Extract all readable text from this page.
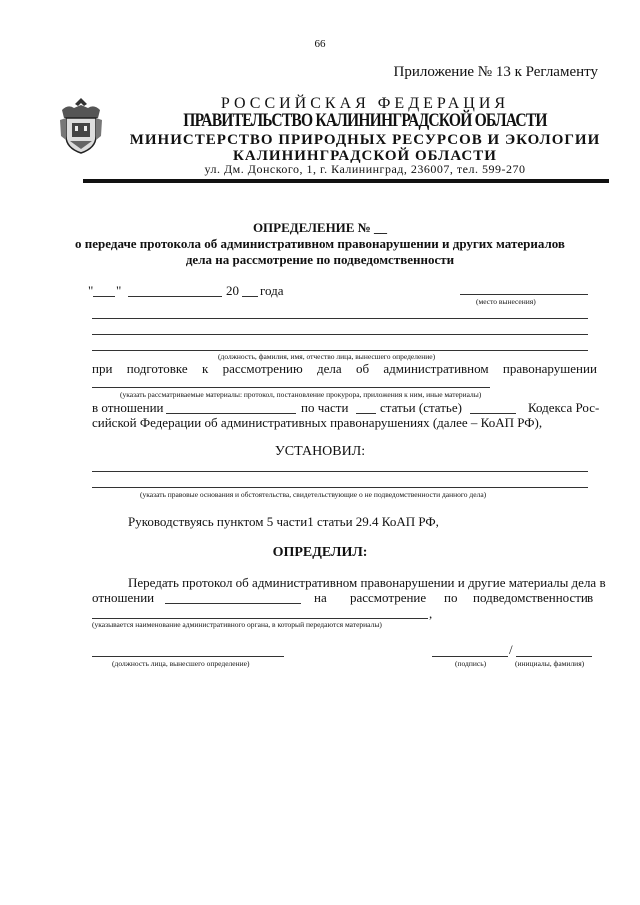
66
Приложение № 13 к Регламенту
РОССИЙСКАЯ ФЕДЕРАЦИЯ
ПРАВИТЕЛЬСТВО КАЛИНИНГРАДСКОЙ ОБЛАСТИ
МИНИСТЕРСТВО ПРИРОДНЫХ РЕСУРСОВ И ЭКОЛОГИИ
КАЛИНИНГРАДСКОЙ ОБЛАСТИ
ул. Дм. Донского, 1, г. Калининград, 236007, тел. 599-270
ОПРЕДЕЛЕНИЕ № __
о передаче протокола об административном правонарушении и других материалов
дела на рассмотрение по подведомственности
" "	20 года
(место вынесения)
(должность, фамилия, имя, отчество лица, вынесшего определение)
при подготовке к рассмотрению дела об административном правонарушении
(указать рассматриваемые материалы: протокол, постановление прокурора, приложения к ним, иные материалы)
в отношении	по части статьи (статье)	Кодекса Рос-
сийской Федерации об административных правонарушениях (далее – КоАП РФ),
УСТАНОВИЛ:
(указать правовые основания и обстоятельства, свидетельствующие о не подведомственности данного дела)
Руководствуясь пунктом 5 части1 статьи 29.4 КоАП РФ,
ОПРЕДЕЛИЛ:
Передать протокол об административном правонарушении и другие материалы дела в
отношении	на рассмотрение по подведомственности в
,
(указывается наименование административного органа, в который передаются материалы)
(должность лица, вынесшего определение)
/
(подпись)	(инициалы, фамилия)
